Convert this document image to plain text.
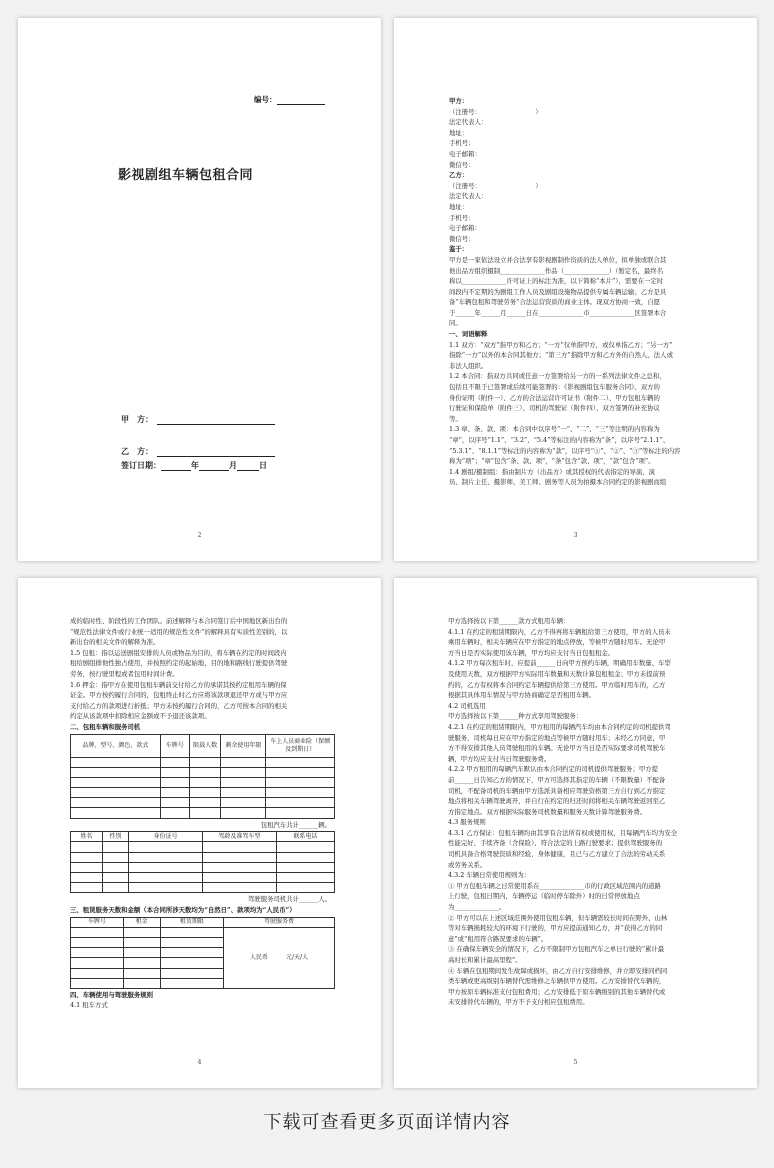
编号：
影视剧组车辆包租合同
甲　方：
乙　方：
签订日期：	年	月	日
2

甲方：

（注册号：　　　　　　　　　）

法定代表人：

地址：

手机号：

电子邮箱：

微信号：

乙方：

（注册号：　　　　　　　　　）

法定代表人：

地址：

手机号：

电子邮箱：

微信号：

鉴于：

甲方是一家依法设立并合法享有影视剧制作资质的法人单位，拟单独或联合其

他出品方组织摄制______________作品（______________）（暂定名，最终名

称以______________许可证上的标注为准，以下简称“本片”），需要在一定时

间段内不定期的为剧组工作人员及剧组设施物品提供专属车辆运输；乙方是具

备“车辆包租和驾驶劳务”合法运营资质的商业主体。现双方协商一致，自愿

于______年______月______日在______________市______________区签署本合

同。

一、词语解释

1.1 双方：“双方”指甲方和乙方；“一方”仅单指甲方，或仅单指乙方；“另一方”

指除“一方”以外的本合同其他方；“第三方”指除甲方和乙方外的自然人、法人或

非法人组织。

1.2 本合同：指双方共同或任意一方签署给另一方的一系列法律文件之总和，

包括且不限于已签署或后续可能签署的：《影视剧组包车服务合同》、双方的

身份证明（附件一）、乙方的合法运营许可证书（附件二）、甲方包租车辆的

行驶证和保险单（附件三）、司机的驾驶证（附件四）、双方签署的补充协议

等。

1.3 章、条、款、项：本合同中以序号“一”、“二”、“三”等注明的内容称为

“章”，以序号“1.1”、“3.2”、“5.4”等标注的内容称为“条”，以序号“2.1.1”、

“5.3.1”、“8.1.1”等标注的内容称为“款”，以序号“①”、“②”、“③”等标注的内容

称为“项”；“章”包含“条、款、项”，“条”包含“款、项”，“款”包含“项”。

1.4 剧组/摄制组：指由制片方（出品方）或其授权的代表指定的导演、演

员、制片主任、摄影师、美工师、剧务等人员为拍摄本合同约定的影视剧而组

3

成的临时性、阶段性的工作团队。前述解释与本合同签订后中国地区新出台的

“规范性法律文件或行业统一适用的规范性文件”的解释具有实质性差别的，以

新出台的相关文件的解释为准。

1.5 包租：指以运送剧组安排的人员或物品为目的，将车辆在约定的时间段内

租给剧组排他性独占使用，并按照约定的起始地、目的地和路线行驶提供驾驶

劳务，按行驶里程或者包用时间计费。

1.6 押金：指甲方在使用包租车辆前交付给乙方的承诺其按约定租用车辆的保

证金。甲方按约履行合同的，包租终止时乙方应将该款项退还甲方或与甲方应

支付给乙方的款项进行折抵；甲方未按约履行合同的，乙方可按本合同的相关

约定从该款项中扣除相应金额或不予退还该款项。

二、包租车辆和服务司机

品牌、型号、颜色、款式	车牌号	限载人数	剩余使用年限	车上人员商业险（保额及到期日）

包租汽车共计______辆。

姓名	性别	身份证号	驾龄及准驾车型	联系电话

驾驶服务司机共计______人。

三、租赁服务天数和金额（本合同所涉天数均为“自然日”、款项均为“人民币”）

车牌号	租金	租赁期限	驾驶服务费
			人民币　　　 元/天/人

四、车辆使用与驾驶服务规则

4.1 租车方式

4

甲方选择按以下第______款方式租用车辆：

4.1.1 在约定的租赁期限内，乙方不得再将车辆租给第三方使用，甲方的人员未

乘用车辆时，相关车辆应在甲方指定的地点停放，等候甲方随时用车。无论甲

方当日是否实际使用该车辆，甲方均应支付当日包租租金。

4.1.2 甲方每次租车时，应提前______日向甲方预约车辆，明确用车数量、车型

及使用天数，双方根据甲方实际用车数量和天数计算包租租金；甲方未提前预

约的，乙方有权将本合同约定车辆提供给第三方使用。甲方临时用车的，乙方

根据其具体用车情况与甲方协商确定是否租用车辆。

4.2 司机选用

甲方选择按以下第______种方式享用驾驶服务：

4.2.1 在约定的租赁期限内，甲方租用的每辆汽车均由本合同约定的司机提供驾

驶服务，司机每日应在甲方指定的地点等候甲方随时用车；未经乙方同意，甲

方不得安排其他人员驾驶租用的车辆。无论甲方当日是否实际要求司机驾驶车

辆，甲方均应支付当日驾驶服务费。

4.2.2 甲方租用的每辆汽车默认由本合同约定的司机提供驾驶服务；甲方提

前______日告知乙方的情况下，甲方可选择其指定的车辆（不限数量）不配备

司机，不配备司机的车辆由甲方选派具备相应驾驶资格第三方自行到乙方指定

地点将相关车辆驾驶离开，并自行在约定的归还时间将相关车辆驾驶返回至乙

方指定地点。双方根据实际服务司机数量和服务天数计算驾驶服务费。

4.3 服务规则

4.3.1 乙方保证：包租车辆均由其享有合法所有权或使用权，且每辆汽车均为安全

性能完好、手续齐备（含保险）、符合法定的上路行驶要求；提供驾驶服务的

司机具备合格驾驶资质和经验、身体健康，且已与乙方建立了合法的劳动关系

或劳务关系。

4.3.2 车辆日常使用规则为：

① 甲方包租车辆之日常使用系在______________市的行政区域范围内的道路

上行驶，包租日期内，车辆停运（临时停车除外）时的日常停放地点

为______________。

② 甲方可以在上述区域范围外使用包租车辆，但车辆需较长时间在野外、山林

等对车辆损耗较大的环境下行驶的，甲方应提前通知乙方，并“获得乙方的同

意”或“租用符合路况要求的车辆”。

③ 在确保车辆安全的情况下，乙方不限制甲方包租汽车之单日行驶的“累计最

高时长和累计最高里程”。

④ 车辆在包租期间发生故障或损坏，由乙方自行安排维修，并立即安排同档同

类车辆或更高级别车辆替代需维修之车辆供甲方使用。乙方安排替代车辆的，

甲方按原车辆标准支付包租费用；乙方安排低于原车辆级别的其他车辆替代或

未安排替代车辆的，甲方不予支付相应包租费用。

5
下载可查看更多页面详情内容
